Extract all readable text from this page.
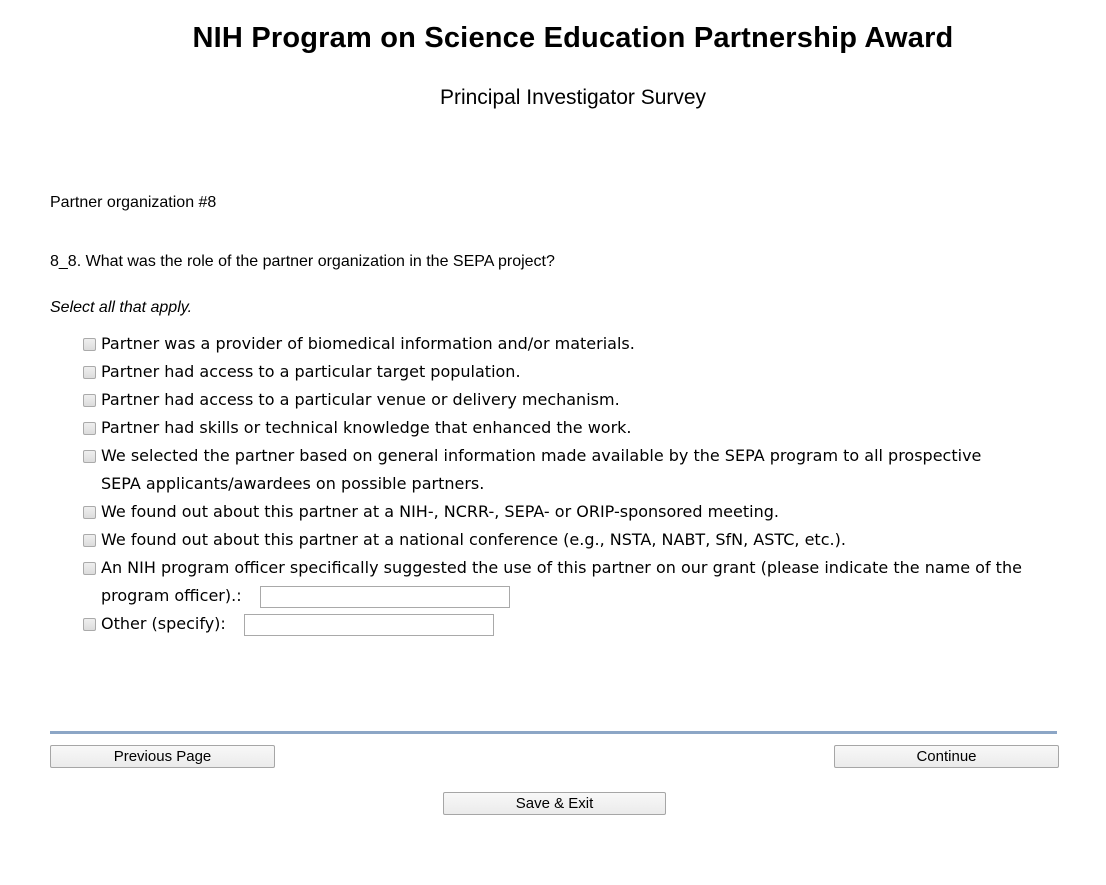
NIH Program on Science Education Partnership Award
Principal Investigator Survey
Partner organization #8
8_8. What was the role of the partner organization in the SEPA project?
Select all that apply.
Partner was a provider of biomedical information and/or materials.
Partner had access to a particular target population.
Partner had access to a particular venue or delivery mechanism.
Partner had skills or technical knowledge that enhanced the work.
We selected the partner based on general information made available by the SEPA program to all prospective SEPA applicants/awardees on possible partners.
We found out about this partner at a NIH-, NCRR-, SEPA- or ORIP-sponsored meeting.
We found out about this partner at a national conference (e.g., NSTA, NABT, SfN, ASTC, etc.).
An NIH program officer specifically suggested the use of this partner on our grant (please indicate the name of the program officer).:
Other (specify):
Previous Page	Continue
Save & Exit
